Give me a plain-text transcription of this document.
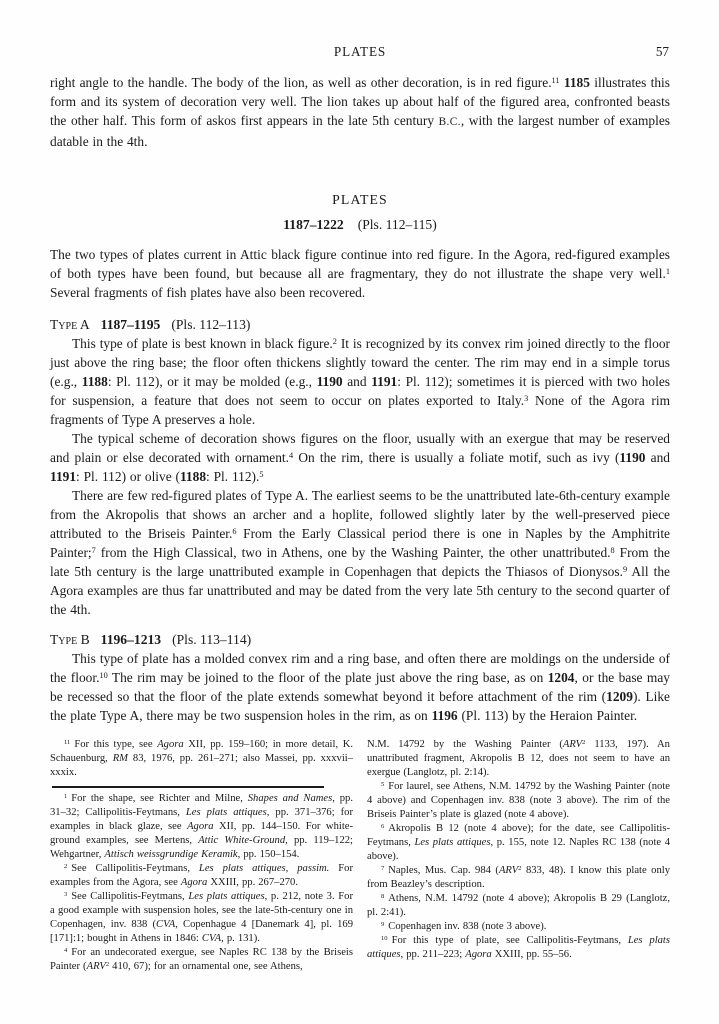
PLATES	57

right angle to the handle. The body of the lion, as well as other decoration, is in red figure.$^{11}$ 1185 illustrates this form and its system of decoration very well. The lion takes up about half of the figured area, confronted beasts the other half. This form of askos first appears in the late 5th century B.C., with the largest number of examples datable in the 4th.

PLATES
1187–1222 (Pls. 112–115)

The two types of plates current in Attic black figure continue into red figure. In the Agora, red-figured examples of both types have been found, but because all are fragmentary, they do not illustrate the shape very well.$^1$ Several fragments of fish plates have also been recovered.

Type A 1187–1195 (Pls. 112–113)

This type of plate is best known in black figure.$^2$ It is recognized by its convex rim joined directly to the floor just above the ring base; the floor often thickens slightly toward the center. The rim may end in a simple torus (e.g., 1188: Pl. 112), or it may be molded (e.g., 1190 and 1191: Pl. 112); sometimes it is pierced with two holes for suspension, a feature that does not seem to occur on plates exported to Italy.$^3$ None of the Agora rim fragments of Type A preserves a hole.

The typical scheme of decoration shows figures on the floor, usually with an exergue that may be reserved and plain or else decorated with ornament.$^4$ On the rim, there is usually a foliate motif, such as ivy (1190 and 1191: Pl. 112) or olive (1188: Pl. 112).$^5$

There are few red-figured plates of Type A. The earliest seems to be the unattributed late-6th-century example from the Akropolis that shows an archer and a hoplite, followed slightly later by the well-preserved piece attributed to the Briseis Painter.$^6$ From the Early Classical period there is one in Naples by the Amphitrite Painter;$^7$ from the High Classical, two in Athens, one by the Washing Painter, the other unattributed.$^8$ From the late 5th century is the large unattributed example in Copenhagen that depicts the Thiasos of Dionysos.$^9$ All the Agora examples are thus far unattributed and may be dated from the very late 5th century to the second quarter of the 4th.

Type B 1196–1213 (Pls. 113–114)

This type of plate has a molded convex rim and a ring base, and often there are moldings on the underside of the floor.$^{10}$ The rim may be joined to the floor of the plate just above the ring base, as on 1204, or the base may be recessed so that the floor of the plate extends somewhat beyond it before attachment of the rim (1209). Like the plate Type A, there may be two suspension holes in the rim, as on 1196 (Pl. 113) by the Heraion Painter.

$^{11}$ For this type, see Agora XII, pp. 159–160; in more detail, K. Schauenburg, RM 83, 1976, pp. 261–271; also Massei, pp. xxxvii–xxxix.

$^1$ For the shape, see Richter and Milne, Shapes and Names, pp. 31–32; Callipolitis-Feytmans, Les plats attiques, pp. 371–376; for examples in black glaze, see Agora XII, pp. 144–150. For white-ground examples, see Mertens, Attic White-Ground, pp. 119–122; Wehgartner, Attisch weissgrundige Keramik, pp. 150–154.

$^2$ See Callipolitis-Feytmans, Les plats attiques, passim. For examples from the Agora, see Agora XXIII, pp. 267–270.

$^3$ See Callipolitis-Feytmans, Les plats attiques, p. 212, note 3. For a good example with suspension holes, see the late-5th-century one in Copenhagen, inv. 838 (CVA, Copenhague 4 [Danemark 4], pl. 169 [171]:1; bought in Athens in 1846: CVA, p. 131).

$^4$ For an undecorated exergue, see Naples RC 138 by the Briseis Painter (ARV$^2$ 410, 67); for an ornamental one, see Athens,

N.M. 14792 by the Washing Painter (ARV$^2$ 1133, 197). An unattributed fragment, Akropolis B 12, does not seem to have an exergue (Langlotz, pl. 2:14).

$^5$ For laurel, see Athens, N.M. 14792 by the Washing Painter (note 4 above) and Copenhagen inv. 838 (note 3 above). The rim of the Briseis Painter’s plate is glazed (note 4 above).

$^6$ Akropolis B 12 (note 4 above); for the date, see Callipolitis-Feytmans, Les plats attiques, p. 155, note 12. Naples RC 138 (note 4 above).

$^7$ Naples, Mus. Cap. 984 (ARV$^2$ 833, 48). I know this plate only from Beazley’s description.

$^8$ Athens, N.M. 14792 (note 4 above); Akropolis B 29 (Langlotz, pl. 2:41).

$^9$ Copenhagen inv. 838 (note 3 above).

$^{10}$ For this type of plate, see Callipolitis-Feytmans, Les plats attiques, pp. 211–223; Agora XXIII, pp. 55–56.
